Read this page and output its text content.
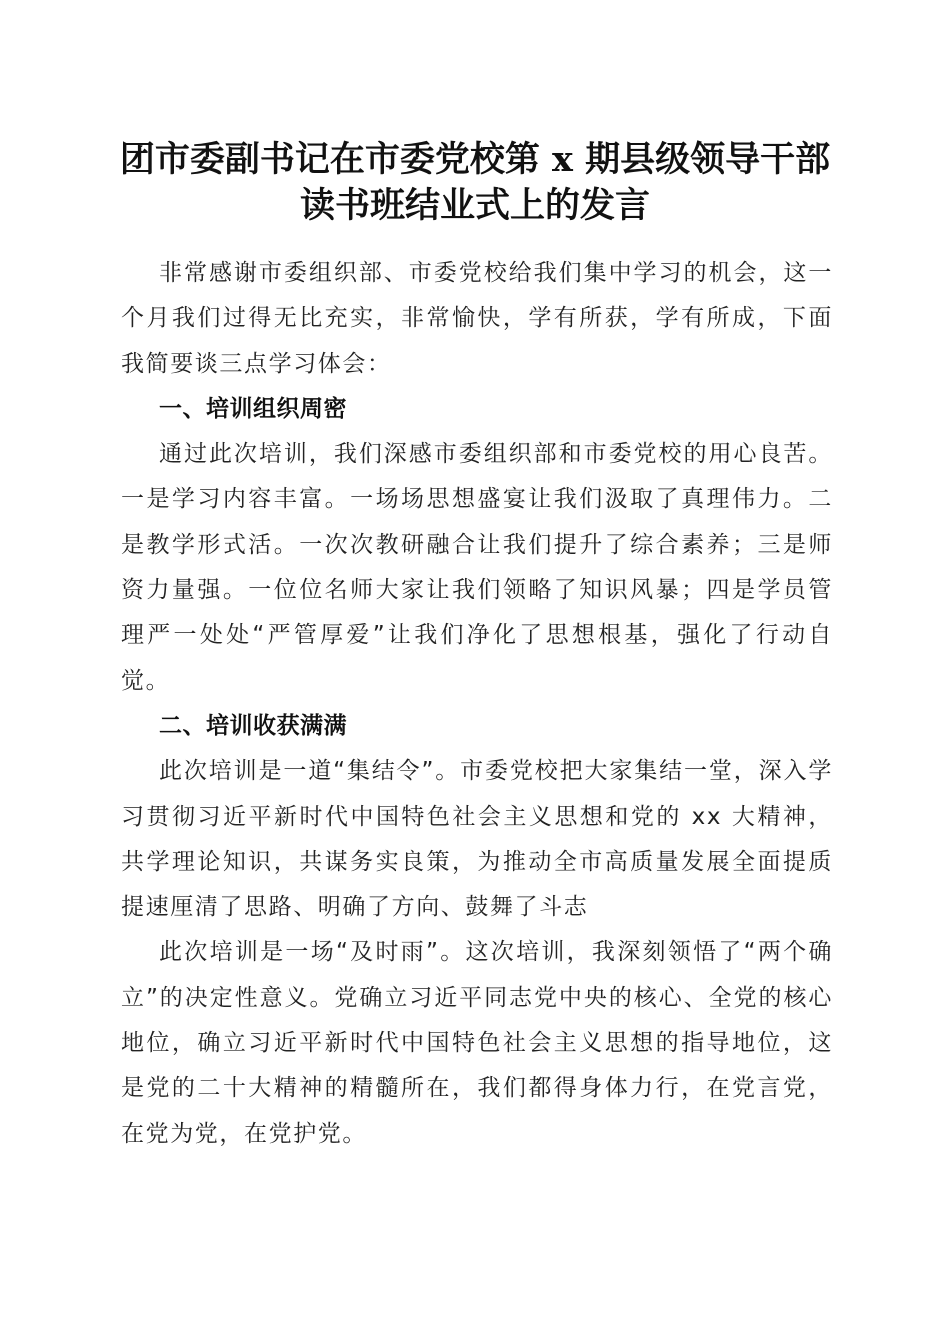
团市委副书记在市委党校第 x 期县级领导干部
读书班结业式上的发言

非常感谢市委组织部、市委党校给我们集中学习的机会，这一个月我们过得无比充实，非常愉快，学有所获，学有所成，下面我简要谈三点学习体会：

一、培训组织周密

通过此次培训，我们深感市委组织部和市委党校的用心良苦。一是学习内容丰富。一场场思想盛宴让我们汲取了真理伟力。二是教学形式活。一次次教研融合让我们提升了综合素养；三是师资力量强。一位位名师大家让我们领略了知识风暴；四是学员管理严一处处“严管厚爱”让我们净化了思想根基，强化了行动自觉。

二、培训收获满满

此次培训是一道“集结令”。市委党校把大家集结一堂，深入学习贯彻习近平新时代中国特色社会主义思想和党的 xx 大精神，共学理论知识，共谋务实良策，为推动全市高质量发展全面提质提速厘清了思路、明确了方向、鼓舞了斗志

此次培训是一场“及时雨”。这次培训，我深刻领悟了“两个确立”的决定性意义。党确立习近平同志党中央的核心、全党的核心地位，确立习近平新时代中国特色社会主义思想的指导地位，这是党的二十大精神的精髓所在，我们都得身体力行，在党言党，在党为党，在党护党。
